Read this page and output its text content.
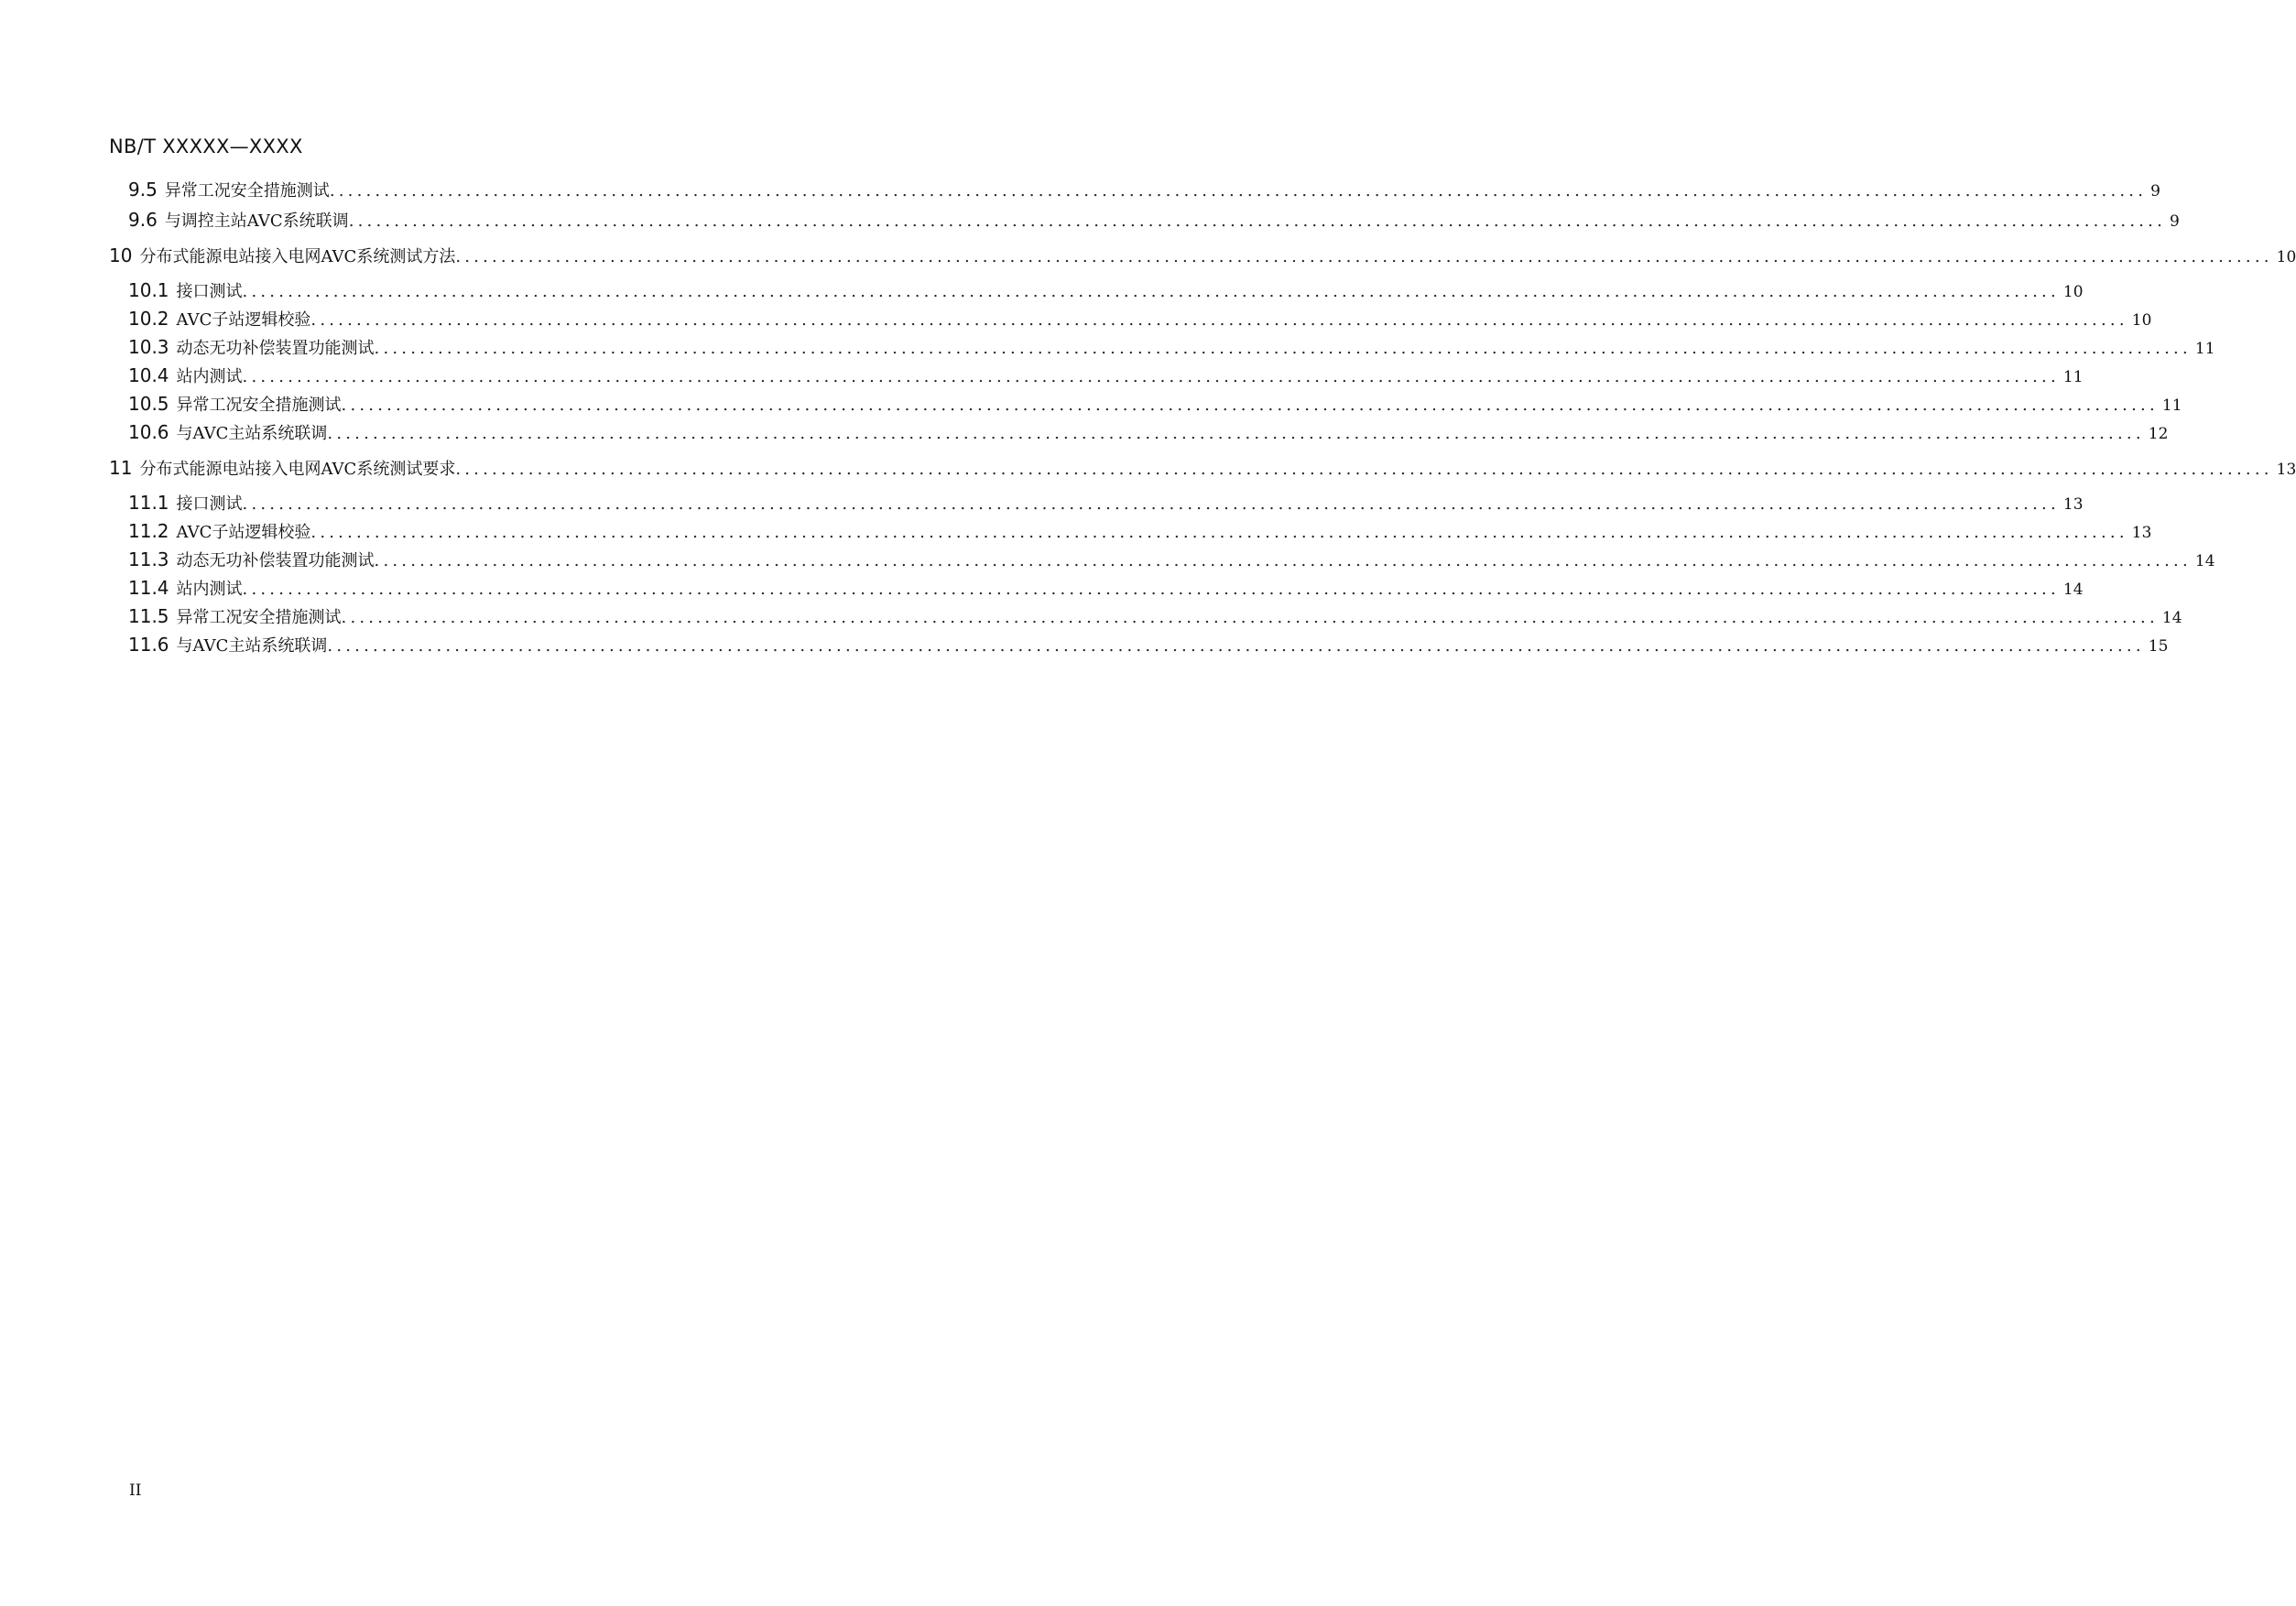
NB/T XXXXX—XXXX
9.5 异常工况安全措施测试 ........................................................................................................................................................................................................ 9
9.6 与调控主站AVC系统联调 ........................................................................................................................................................................................................ 9
10 分布式能源电站接入电网AVC系统测试方法 ........................................................................................................................................................................................................ 10
10.1 接口测试 ........................................................................................................................................................................................................ 10
10.2 AVC子站逻辑校验 ........................................................................................................................................................................................................ 10
10.3 动态无功补偿装置功能测试 ........................................................................................................................................................................................................ 11
10.4 站内测试 ........................................................................................................................................................................................................ 11
10.5 异常工况安全措施测试 ........................................................................................................................................................................................................ 11
10.6 与AVC主站系统联调 ........................................................................................................................................................................................................ 12
11 分布式能源电站接入电网AVC系统测试要求 ........................................................................................................................................................................................................ 13
11.1 接口测试 ........................................................................................................................................................................................................ 13
11.2 AVC子站逻辑校验 ........................................................................................................................................................................................................ 13
11.3 动态无功补偿装置功能测试 ........................................................................................................................................................................................................ 14
11.4 站内测试 ........................................................................................................................................................................................................ 14
11.5 异常工况安全措施测试 ........................................................................................................................................................................................................ 14
11.6 与AVC主站系统联调 ........................................................................................................................................................................................................ 15
II
